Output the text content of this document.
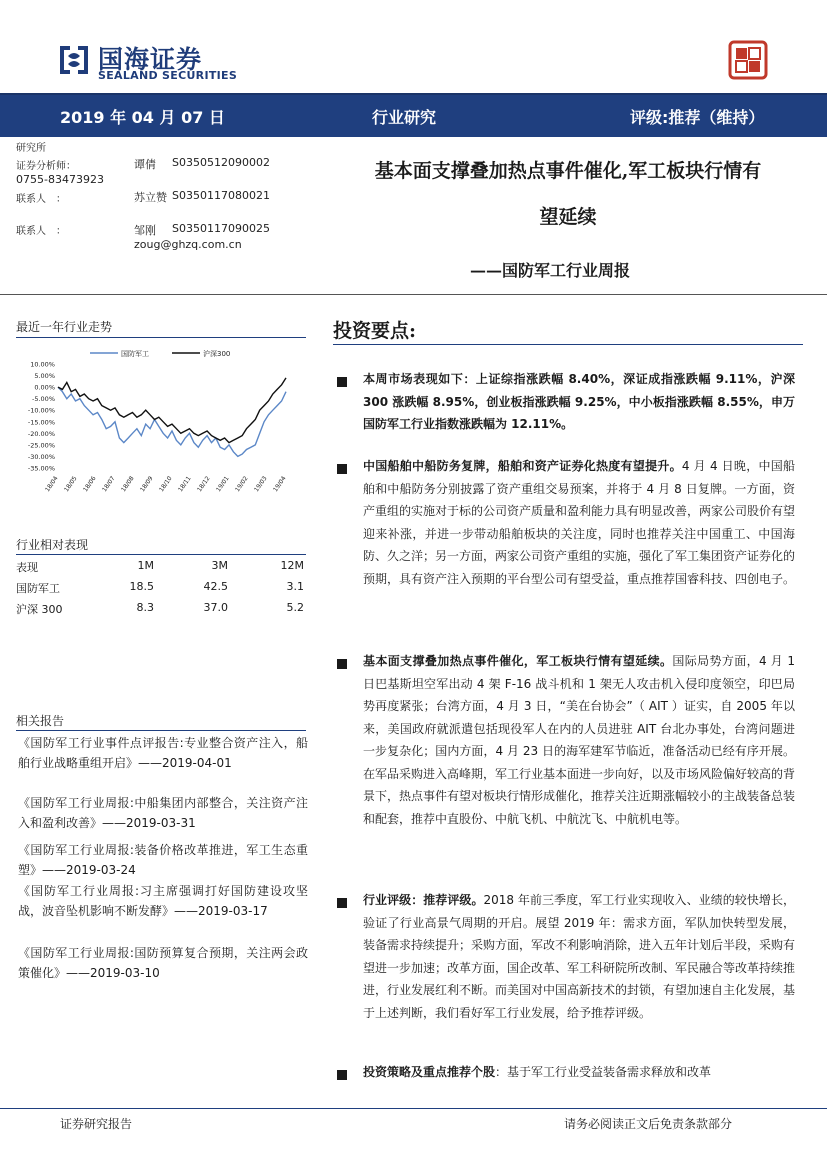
国海证券
SEALAND SECURITIES
2019 年 04 月 07 日	行业研究	评级:推荐（维持）
研究所
证券分析师：	谭倩 S0350512090002
0755-83473923
联系人　：	苏立赞 S0350117080021
联系人　：	邹刚 S0350117090025
zoug@ghzq.com.cn
基本面支撑叠加热点事件催化,军工板块行情有
望延续
——国防军工行业周报
最近一年行业走势
国防军工	沪深300
10.00%
5.00%
0.00%
-5.00%
-10.00%
-15.00%
-20.00%
-25.00%
-30.00%
-35.00%
18/04 18/05 18/06 18/07 18/08 18/09 18/10 18/11 18/12 19/01 19/02 19/03 19/04
行业相对表现
表现	1M	3M	12M
国防军工	18.5	42.5	3.1
沪深 300	8.3	37.0	5.2
相关报告
《国防军工行业事件点评报告:专业整合资产注入，船舶行业战略重组开启》——2019-04-01
《国防军工行业周报:中船集团内部整合，关注资产注入和盈利改善》——2019-03-31
《国防军工行业周报:装备价格改革推进，军工生态重塑》——2019-03-24
《国防军工行业周报:习主席强调打好国防建设攻坚战，波音坠机影响不断发酵》——2019-03-17
《国防军工行业周报:国防预算复合预期，关注两会政策催化》——2019-03-10
投资要点:
本周市场表现如下：上证综指涨跌幅 8.40%，深证成指涨跌幅 9.11%，沪深 300 涨跌幅 8.95%，创业板指涨跌幅 9.25%，中小板指涨跌幅 8.55%，申万国防军工行业指数涨跌幅为 12.11%。
中国船舶中船防务复牌，船舶和资产证券化热度有望提升。4 月 4 日晚，中国船舶和中船防务分别披露了资产重组交易预案，并将于 4 月 8 日复牌。一方面，资产重组的实施对于标的公司资产质量和盈利能力具有明显改善，两家公司股价有望迎来补涨，并进一步带动船舶板块的关注度，同时也推荐关注中国重工、中国海防、久之洋；另一方面，两家公司资产重组的实施，强化了军工集团资产证券化的预期，具有资产注入预期的平台型公司有望受益，重点推荐国睿科技、四创电子。
基本面支撑叠加热点事件催化，军工板块行情有望延续。国际局势方面，4 月 1 日巴基斯坦空军出动 4 架 F-16 战斗机和 1 架无人攻击机入侵印度领空，印巴局势再度紧张；台湾方面，4 月 3 日，“美在台协会”（ AIT ）证实，自 2005 年以来，美国政府就派遣包括现役军人在内的人员进驻 AIT 台北办事处，台湾问题进一步复杂化；国内方面，4 月 23 日的海军建军节临近，准备活动已经有序开展。在军品采购进入高峰期，军工行业基本面进一步向好，以及市场风险偏好较高的背景下，热点事件有望对板块行情形成催化，推荐关注近期涨幅较小的主战装备总装和配套，推荐中直股份、中航飞机、中航沈飞、中航机电等。
行业评级：推荐评级。2018 年前三季度，军工行业实现收入、业绩的较快增长，验证了行业高景气周期的开启。展望 2019 年：需求方面，军队加快转型发展，装备需求持续提升；采购方面，军改不利影响消除，进入五年计划后半段，采购有望进一步加速；改革方面，国企改革、军工科研院所改制、军民融合等改革持续推进，行业发展红利不断。而美国对中国高新技术的封锁，有望加速自主化发展，基于上述判断，我们看好军工行业发展，给予推荐评级。
投资策略及重点推荐个股：基于军工行业受益装备需求释放和改革
证券研究报告	请务必阅读正文后免责条款部分
